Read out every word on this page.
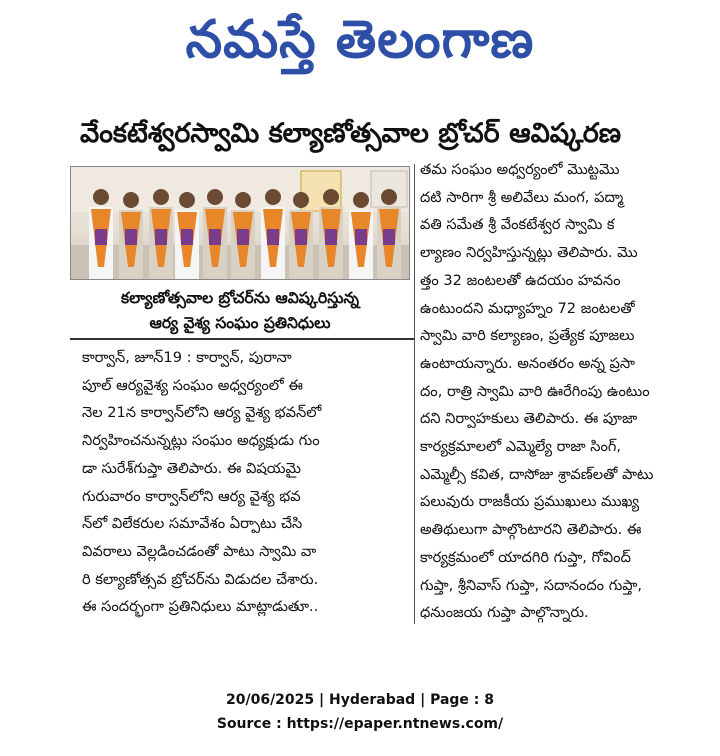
నమస్తే తెలంగాణ
వేంకటేశ్వరస్వామి కల్యాణోత్సవాల బ్రోచర్ ఆవిష్కరణ
కల్యాణోత్సవాల బ్రోచర్‌ను ఆవిష్కరిస్తున్న
ఆర్య వైశ్య సంఘం ప్రతినిధులు
కార్వాన్, జూన్19 : కార్వాన్, పురానా
పూల్ ఆర్యవైశ్య సంఘం అధ్వర్యంలో ఈ
నెల 21న కార్వాన్‌లోని ఆర్య వైశ్య భవన్‌లో
నిర్వహించనున్నట్లు సంఘం అధ్యక్షుడు గుం
డా సురేశ్‌గుప్తా తెలిపారు. ఈ విషయమై
గురువారం కార్వాన్‌లోని ఆర్య వైశ్య భవ
న్‌లో విలేకరుల సమావేశం ఏర్పాటు చేసి
వివరాలు వెల్లడించడంతో పాటు స్వామి వా
రి కల్యాణోత్సవ బ్రోచర్‌ను విడుదల చేశారు.
ఈ సందర్భంగా ప్రతినిధులు మాట్లాడుతూ..
తమ సంఘం అధ్వర్యంలో మొట్టమొ
దటి సారిగా శ్రీ అలివేలు మంగ, పద్మా
వతి సమేత శ్రీ వేంకటేశ్వర స్వామి క
ల్యాణం నిర్వహిస్తున్నట్లు తెలిపారు. మొ
త్తం 32 జంటలతో ఉదయం హవనం
ఉంటుందని మధ్యాహ్నం 72 జంటలతో
స్వామి వారి కల్యాణం, ప్రత్యేక పూజలు
ఉంటాయన్నారు. అనంతరం అన్న ప్రసా
దం, రాత్రి స్వామి వారి ఊరేగింపు ఉంటుం
దని నిర్వాహకులు తెలిపారు. ఈ పూజా
కార్యక్రమాలలో ఎమ్మెల్యే రాజా సింగ్,
ఎమ్మెల్సీ కవిత, దాసోజు శ్రావణ్‌లతో పాటు
పలువురు రాజకీయ ప్రముఖులు ముఖ్య
అతిథులుగా పాల్గొంటారని తెలిపారు. ఈ
కార్యక్రమంలో యాదగిరి గుప్తా, గోవింద్
గుప్తా, శ్రీనివాస్ గుప్తా, సదానందం గుప్తా,
ధనుంజయ గుప్తా పాల్గొన్నారు.
20/06/2025 | Hyderabad | Page : 8
Source : https://epaper.ntnews.com/
